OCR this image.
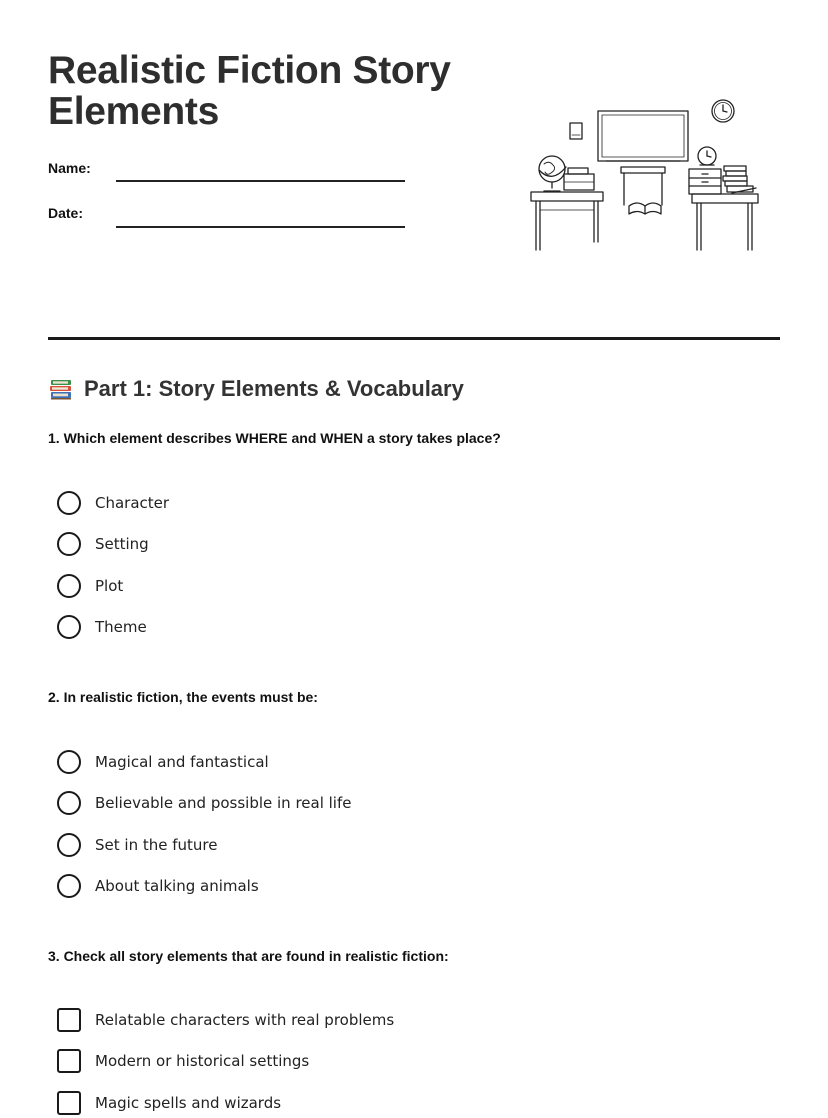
Realistic Fiction Story Elements
Name:
Date:
Part 1: Story Elements & Vocabulary
1. Which element describes WHERE and WHEN a story takes place?
Character
Setting
Plot
Theme
2. In realistic fiction, the events must be:
Magical and fantastical
Believable and possible in real life
Set in the future
About talking animals
3. Check all story elements that are found in realistic fiction:
Relatable characters with real problems
Modern or historical settings
Magic spells and wizards
